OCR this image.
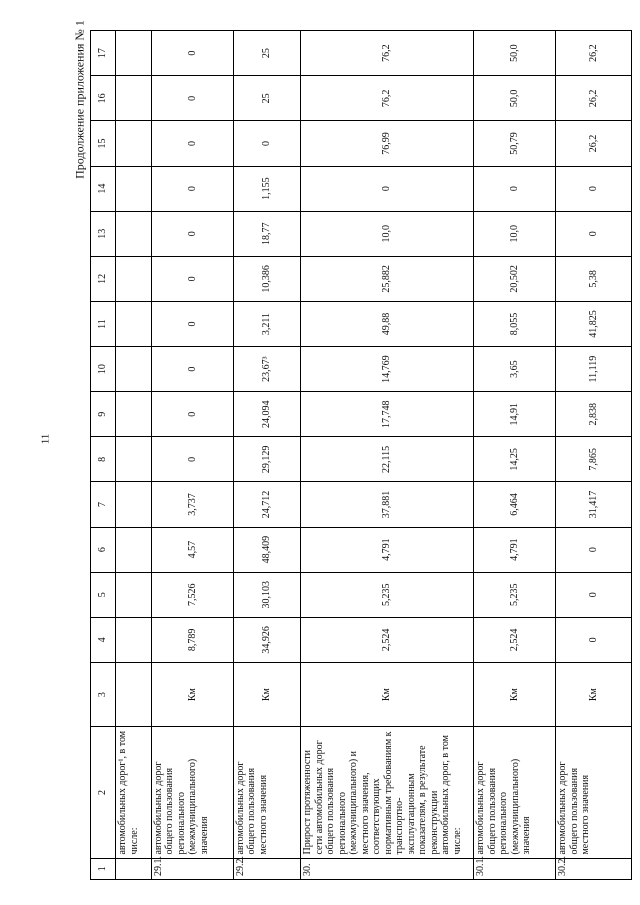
11
Продолжение приложения № 1
1	2	3	4	5	6	7	8	9	10	11	12	13	14	15	16	17
	автомобильных дорог¹, в том числе:															
29.1.	автомобильных дорог общего пользования регионального (межмуниципального) значения	Км	8,789	7,526	4,57	3,737	0	0	0	0	0	0	0	0	0	0
29.2.	автомобильных дорог общего пользования местного значения	Км	34,926	30,103	48,409	24,712	29,129	24,094	23,67³	3,211	10,386	18,77	1,155	0	25	25
30.	Прирост протяженности сети автомобильных дорог общего пользования регионального (межмуниципального) и местного значения, соответствующих нормативным требованиям к транспортно-эксплуатационным показателям, в результате реконструкции автомобильных дорог, в том числе:	Км	2,524	5,235	4,791	37,881	22,115	17,748	14,769	49,88	25,882	10,0	0	76,99	76,2	76,2
30.1.	автомобильных дорог общего пользования регионального (межмуниципального) значения	Км	2,524	5,235	4,791	6,464	14,25	14,91	3,65	8,055	20,502	10,0	0	50,79	50,0	50,0
30.2.	автомобильных дорог общего пользования местного значения	Км	0	0	0	31,417	7,865	2,838	11,119	41,825	5,38	0	0	26,2	26,2	26,2
